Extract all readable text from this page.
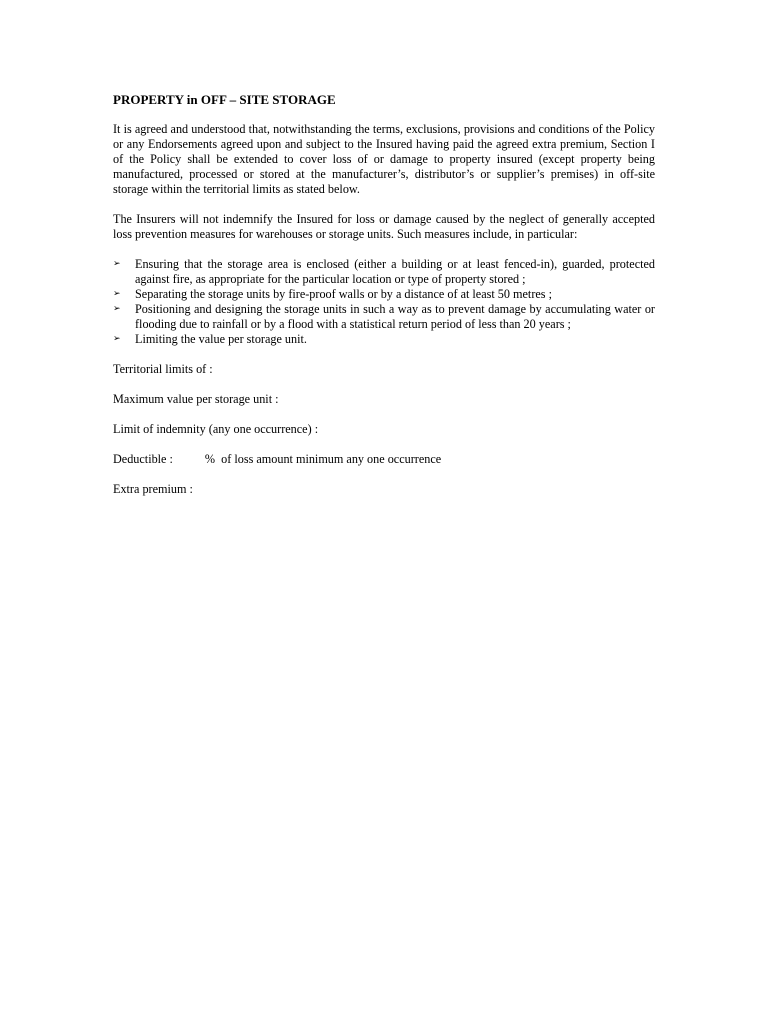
PROPERTY in OFF – SITE STORAGE

It is agreed and understood that, notwithstanding the terms, exclusions, provisions and conditions of the Policy or any Endorsements agreed upon and subject to the Insured having paid the agreed extra premium, Section I of the Policy shall be extended to cover loss of or damage to property insured (except property being manufactured, processed or stored at the manufacturer’s, distributor’s or supplier’s premises) in off-site storage within the territorial limits as stated below.

The Insurers will not indemnify the Insured for loss or damage caused by the neglect of generally accepted loss prevention measures for warehouses or storage units. Such measures include, in particular:

➢	Ensuring that the storage area is enclosed (either a building or at least fenced-in), guarded, protected against fire, as appropriate for the particular location or type of property stored ;
➢	Separating the storage units by fire-proof walls or by a distance of at least 50 metres ;
➢	Positioning and designing the storage units in such a way as to prevent damage by accumulating water or flooding due to rainfall or by a flood with a statistical return period of less than 20 years ;
➢	Limiting the value per storage unit.
Territorial limits of :
Maximum value per storage unit :
Limit of indemnity (any one occurrence) :
Deductible :	%  of loss amount minimum any one occurrence
Extra premium :
